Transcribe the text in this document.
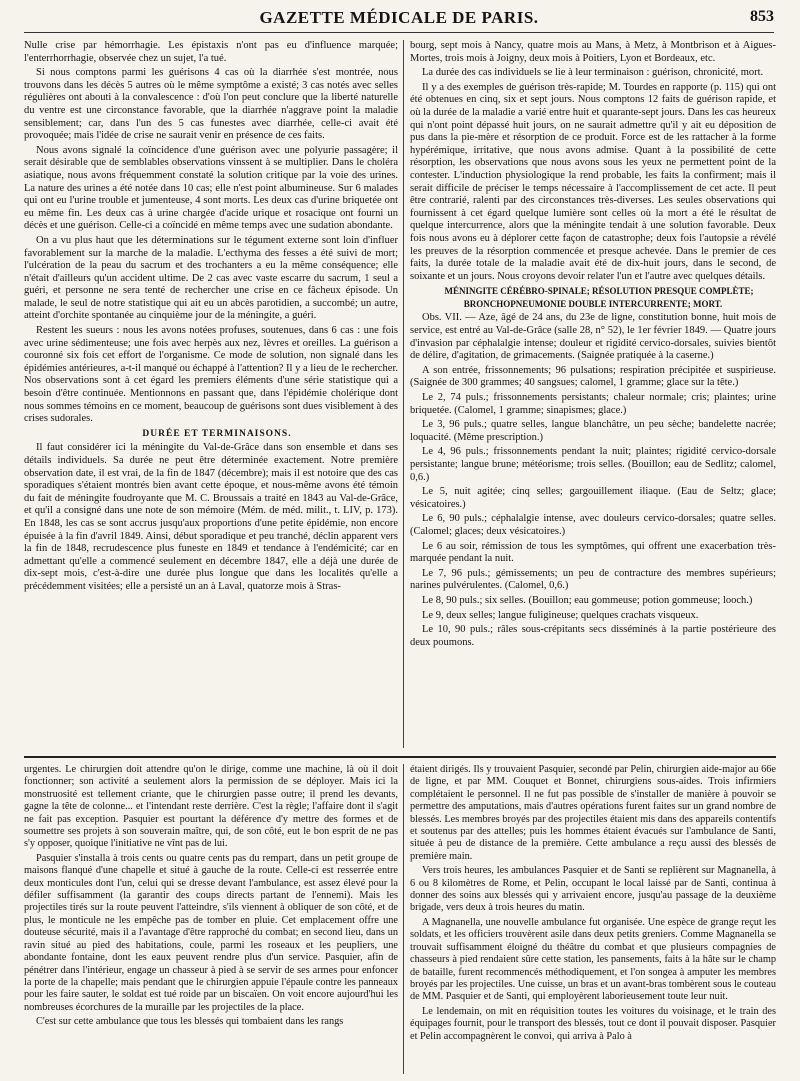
GAZETTE MÉDICALE DE PARIS.	853

Nulle crise par hémorrhagie. Les épistaxis n'ont pas eu d'influence marquée; l'enterrhorrhagie, observée chez un sujet, l'a tué.

Si nous comptons parmi les guérisons 4 cas où la diarrhée s'est montrée, nous trouvons dans les décès 5 autres où le même symptôme a existé; 3 cas notés avec selles régulières ont abouti à la convalescence : d'où l'on peut conclure que la liberté naturelle du ventre est une circonstance favorable, que la diarrhée n'aggrave point la maladie sensiblement; car, dans l'un des 5 cas funestes avec diarrhée, celle-ci avait été provoquée; mais l'idée de crise ne saurait venir en présence de ces faits.

Nous avons signalé la coïncidence d'une guérison avec une polyurie passagère; il serait désirable que de semblables observations vinssent à se multiplier. Dans le choléra asiatique, nous avons fréquemment constaté la solution critique par la voie des urines. La nature des urines a été notée dans 10 cas; elle n'est point albumineuse. Sur 6 malades qui ont eu l'urine trouble et jumenteuse, 4 sont morts. Les deux cas d'urine briquetée ont eu même fin. Les deux cas à urine chargée d'acide urique et rosacique ont fourni un décès et une guérison. Celle-ci a coïncidé en même temps avec une sudation abondante.

On a vu plus haut que les déterminations sur le tégument externe sont loin d'influer favorablement sur la marche de la maladie. L'ecthyma des fesses a été suivi de mort; l'ulcération de la peau du sacrum et des trochanters a eu la même conséquence; elle n'était d'ailleurs qu'un accident ultime. De 2 cas avec vaste escarre du sacrum, 1 seul a guéri, et personne ne sera tenté de rechercher une crise en ce fâcheux épisode. Un malade, le seul de notre statistique qui ait eu un abcès parotidien, a succombé; un autre, atteint d'orchite spontanée au cinquième jour de la méningite, a guéri.

Restent les sueurs : nous les avons notées profuses, soutenues, dans 6 cas : une fois avec urine sédimenteuse; une fois avec herpès aux nez, lèvres et oreilles. La guérison a couronné six fois cet effort de l'organisme. Ce mode de solution, non signalé dans les épidémies antérieures, a-t-il manqué ou échappé à l'attention? Il y a lieu de le rechercher. Nos observations sont à cet égard les premiers éléments d'une série statistique qui a besoin d'être continuée. Mentionnons en passant que, dans l'épidémie cholérique dont nous sommes témoins en ce moment, beaucoup de guérisons sont dues visiblement à des crises sudorales.

DURÉE ET TERMINAISONS.

Il faut considérer ici la méningite du Val-de-Grâce dans son ensemble et dans ses détails individuels. Sa durée ne peut être déterminée exactement. Notre première observation date, il est vrai, de la fin de 1847 (décembre); mais il est notoire que des cas sporadiques s'étaient montrés bien avant cette époque, et nous-même avons été témoin du fait de méningite foudroyante que M. C. Broussais a traité en 1843 au Val-de-Grâce, et qu'il a consigné dans une note de son mémoire (Mém. de méd. milit., t. LIV, p. 173). En 1848, les cas se sont accrus jusqu'aux proportions d'une petite épidémie, non encore épuisée à la fin d'avril 1849. Ainsi, début sporadique et peu tranché, déclin apparent vers la fin de 1848, recrudescence plus funeste en 1849 et tendance à l'endémicité; car en admettant qu'elle a commencé seulement en décembre 1847, elle a déjà une durée de dix-sept mois, c'est-à-dire une durée plus longue que dans les localités qu'elle a précédemment visitées; elle a persisté un an à Laval, quatorze mois à Stras-

bourg, sept mois à Nancy, quatre mois au Mans, à Metz, à Montbrison et à Aigues-Mortes, trois mois à Joigny, deux mois à Poitiers, Lyon et Bordeaux, etc.

La durée des cas individuels se lie à leur terminaison : guérison, chronicité, mort.

Il y a des exemples de guérison très-rapide; M. Tourdes en rapporte (p. 115) qui ont été obtenues en cinq, six et sept jours. Nous comptons 12 faits de guérison rapide, et où la durée de la maladie a varié entre huit et quarante-sept jours. Dans les cas heureux qui n'ont point dépassé huit jours, on ne saurait admettre qu'il y ait eu déposition de pus dans la pie-mère et résorption de ce produit. Force est de les rattacher à la forme hypérémique, irritative, que nous avons admise. Quant à la possibilité de cette résorption, les observations que nous avons sous les yeux ne permettent point de la contester. L'induction physiologique la rend probable, les faits la confirment; mais il serait difficile de préciser le temps nécessaire à l'accomplissement de cet acte. Il peut être contrarié, ralenti par des circonstances très-diverses. Les seules observations qui fournissent à cet égard quelque lumière sont celles où la mort a été le résultat de quelque intercurrence, alors que la méningite tendait à une solution favorable. Deux fois nous avons eu à déplorer cette façon de catastrophe; deux fois l'autopsie a révélé les preuves de la résorption commencée et presque achevée. Dans le premier de ces faits, la durée totale de la maladie avait été de dix-huit jours, dans le second, de soixante et un jours. Nous croyons devoir relater l'un et l'autre avec quelques détails.

MÉNINGITE CÉRÉBRO-SPINALE; RÉSOLUTION PRESQUE COMPLÈTE; BRONCHOPNEUMONIE DOUBLE INTERCURRENTE; MORT.

Obs. VII. — Aze, âgé de 24 ans, du 23e de ligne, constitution bonne, huit mois de service, est entré au Val-de-Grâce (salle 28, n° 52), le 1er février 1849. — Quatre jours d'invasion par céphalalgie intense; douleur et rigidité cervico-dorsales, suivies bientôt de délire, d'agitation, de grimacements. (Saignée pratiquée à la caserne.)

A son entrée, frissonnements; 96 pulsations; respiration précipitée et suspirieuse. (Saignée de 300 grammes; 40 sangsues; calomel, 1 gramme; glace sur la tête.)

Le 2, 74 puls.; frissonnements persistants; chaleur normale; cris; plaintes; urine briquetée. (Calomel, 1 gramme; sinapismes; glace.)

Le 3, 96 puls.; quatre selles, langue blanchâtre, un peu sèche; bandelette nacrée; loquacité. (Même prescription.)

Le 4, 96 puls.; frissonnements pendant la nuit; plaintes; rigidité cervico-dorsale persistante; langue brune; météorisme; trois selles. (Bouillon; eau de Sedlitz; calomel, 0,6.)

Le 5, nuit agitée; cinq selles; gargouillement iliaque. (Eau de Seltz; glace; vésicatoires.)

Le 6, 90 puls.; céphalalgie intense, avec douleurs cervico-dorsales; quatre selles. (Calomel; glaces; deux vésicatoires.)

Le 6 au soir, rémission de tous les symptômes, qui offrent une exacerbation très-marquée pendant la nuit.

Le 7, 96 puls.; gémissements; un peu de contracture des membres supérieurs; narines pulvérulentes. (Calomel, 0,6.)

Le 8, 90 puls.; six selles. (Bouillon; eau gommeuse; potion gommeuse; looch.)

Le 9, deux selles; langue fuligineuse; quelques crachats visqueux.

Le 10, 90 puls.; râles sous-crépitants secs disséminés à la partie postérieure des deux poumons.

urgentes. Le chirurgien doit attendre qu'on le dirige, comme une machine, là où il doit fonctionner; son activité a seulement alors la permission de se déployer. Mais ici la monstruosité est tellement criante, que le chirurgien passe outre; il prend les devants, gagne la tête de colonne... et l'intendant reste derrière. C'est la règle; l'affaire dont il s'agit ne fait pas exception. Pasquier est pourtant la déférence d'y mettre des formes et de soumettre ses projets à son souverain maître, qui, de son côté, eut le bon esprit de ne pas s'y opposer, quoique l'initiative ne vînt pas de lui.

Pasquier s'installa à trois cents ou quatre cents pas du rempart, dans un petit groupe de maisons flanqué d'une chapelle et situé à gauche de la route. Celle-ci est resserrée entre deux monticules dont l'un, celui qui se dresse devant l'ambulance, est assez élevé pour la défiler suffisamment (la garantir des coups directs partant de l'ennemi). Mais les projectiles tirés sur la route peuvent l'atteindre, s'ils viennent à obliquer de son côté, et de plus, le monticule ne les empêche pas de tomber en pluie. Cet emplacement offre une douteuse sécurité, mais il a l'avantage d'être rapproché du combat; en second lieu, dans un ravin situé au pied des habitations, coule, parmi les roseaux et les peupliers, une abondante fontaine, dont les eaux peuvent rendre plus d'un service. Pasquier, afin de pénétrer dans l'intérieur, engage un chasseur à pied à se servir de ses armes pour enfoncer la porte de la chapelle; mais pendant que le chirurgien appuie l'épaule contre les panneaux pour les faire sauter, le soldat est tué roide par un biscaïen. On voit encore aujourd'hui les nombreuses écorchures de la muraille par les projectiles de la place.

C'est sur cette ambulance que tous les blessés qui tombaient dans les rangs

étaient dirigés. Ils y trouvaient Pasquier, secondé par Pelin, chirurgien aide-major au 66e de ligne, et par MM. Couquet et Bonnet, chirurgiens sous-aides. Trois infirmiers complétaient le personnel. Il ne fut pas possible de s'installer de manière à pouvoir se permettre des amputations, mais d'autres opérations furent faites sur un grand nombre de blessés. Les membres broyés par des projectiles étaient mis dans des appareils contentifs et soutenus par des attelles; puis les hommes étaient évacués sur l'ambulance de Santi, située à peu de distance de la première. Cette ambulance a reçu aussi des blessés de première main.

Vers trois heures, les ambulances Pasquier et de Santi se replièrent sur Magnanella, à 6 ou 8 kilomètres de Rome, et Pelin, occupant le local laissé par de Santi, continua à donner des soins aux blessés qui y arrivaient encore, jusqu'au passage de la deuxième brigade, vers deux à trois heures du matin.

A Magnanella, une nouvelle ambulance fut organisée. Une espèce de grange reçut les soldats, et les officiers trouvèrent asile dans deux petits greniers. Comme Magnanella se trouvait suffisamment éloigné du théâtre du combat et que plusieurs compagnies de chasseurs à pied rendaient sûre cette station, les pansements, faits à la hâte sur le champ de bataille, furent recommencés méthodiquement, et l'on songea à amputer les membres broyés par les projectiles. Une cuisse, un bras et un avant-bras tombèrent sous le couteau de MM. Pasquier et de Santi, qui employèrent laborieusement toute leur nuit.

Le lendemain, on mit en réquisition toutes les voitures du voisinage, et le train des équipages fournit, pour le transport des blessés, tout ce dont il pouvait disposer. Pasquier et Pelin accompagnèrent le convoi, qui arriva à Palo à
